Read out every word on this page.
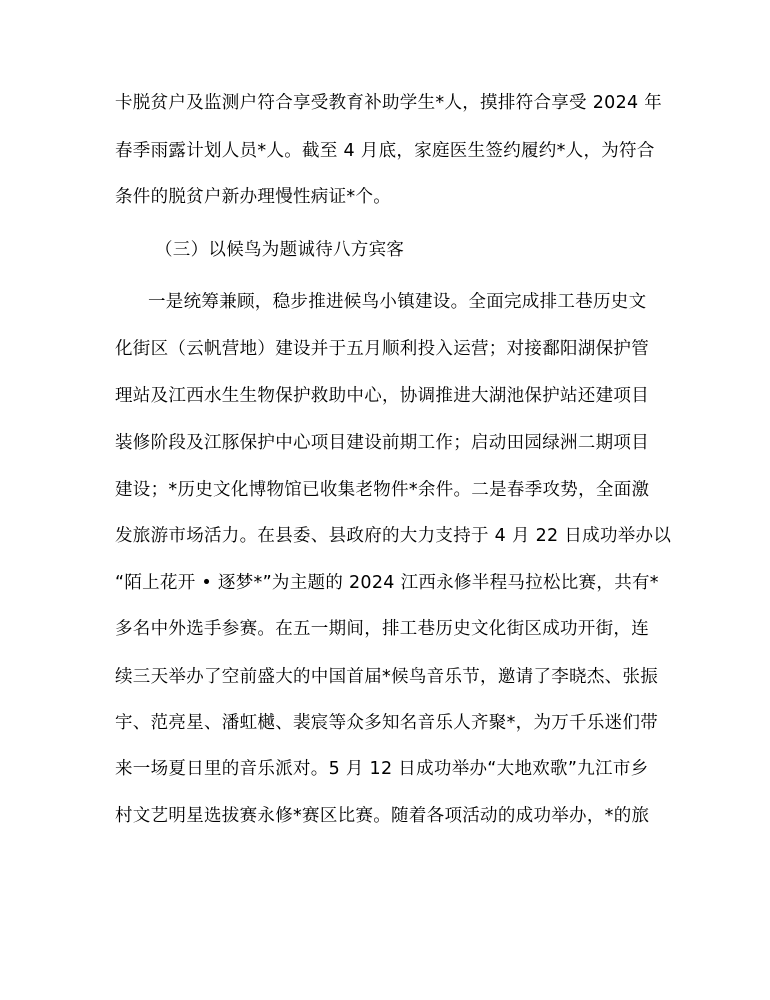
卡脱贫户及监测户符合享受教育补助学生*人，摸排符合享受 2024 年
春季雨露计划人员*人。截至 4 月底，家庭医生签约履约*人，为符合
条件的脱贫户新办理慢性病证*个。
（三）以候鸟为题诚待八方宾客
一是统筹兼顾，稳步推进候鸟小镇建设。全面完成排工巷历史文
化街区（云帆营地）建设并于五月顺利投入运营；对接鄱阳湖保护管
理站及江西水生生物保护救助中心，协调推进大湖池保护站还建项目
装修阶段及江豚保护中心项目建设前期工作；启动田园绿洲二期项目
建设；*历史文化博物馆已收集老物件*余件。二是春季攻势，全面激
发旅游市场活力。在县委、县政府的大力支持于 4 月 22 日成功举办以
“陌上花开 • 逐梦*”为主题的 2024 江西永修半程马拉松比赛，共有*
多名中外选手参赛。在五一期间，排工巷历史文化街区成功开街，连
续三天举办了空前盛大的中国首届*候鸟音乐节，邀请了李晓杰、张振
宇、范亮星、潘虹樾、裴宸等众多知名音乐人齐聚*，为万千乐迷们带
来一场夏日里的音乐派对。5 月 12 日成功举办“大地欢歌”九江市乡
村文艺明星选拔赛永修*赛区比赛。随着各项活动的成功举办，*的旅
